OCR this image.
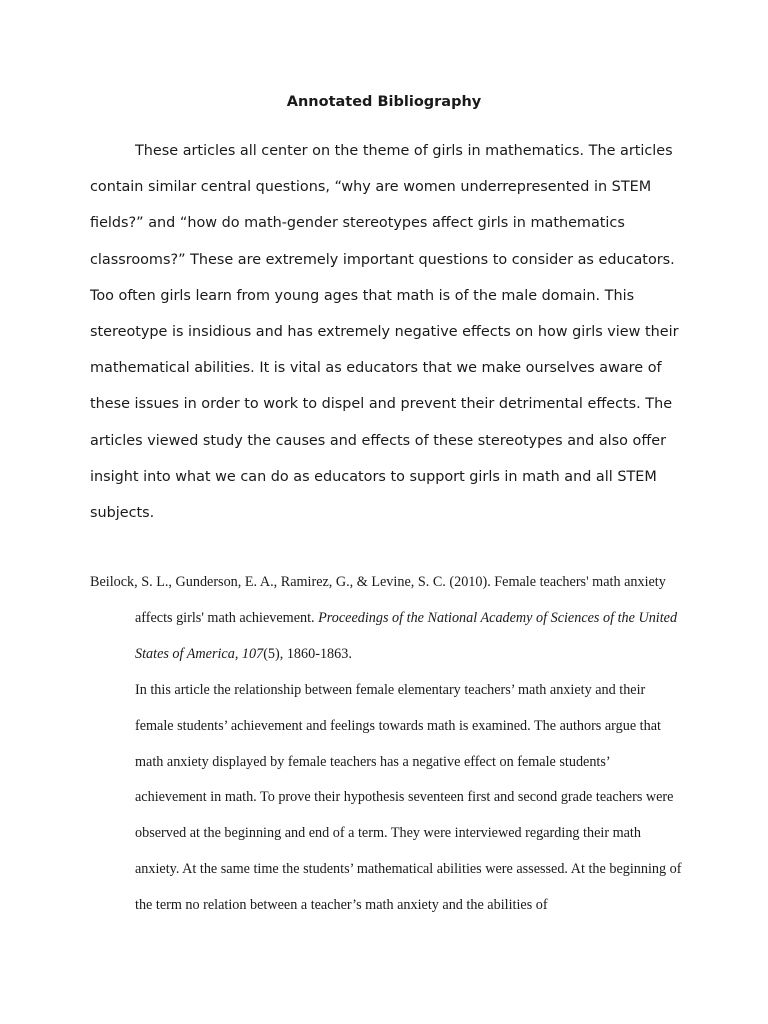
Annotated Bibliography

These articles all center on the theme of girls in mathematics. The articles contain similar central questions, “why are women underrepresented in STEM fields?” and “how do math-gender stereotypes affect girls in mathematics classrooms?” These are extremely important questions to consider as educators. Too often girls learn from young ages that math is of the male domain. This stereotype is insidious and has extremely negative effects on how girls view their mathematical abilities. It is vital as educators that we make ourselves aware of these issues in order to work to dispel and prevent their detrimental effects. The articles viewed study the causes and effects of these stereotypes and also offer insight into what we can do as educators to support girls in math and all STEM subjects.

Beilock, S. L., Gunderson, E. A., Ramirez, G., & Levine, S. C. (2010). Female teachers' math anxiety affects girls' math achievement. Proceedings of the National Academy of Sciences of the United States of America, 107(5), 1860-1863.

In this article the relationship between female elementary teachers’ math anxiety and their female students’ achievement and feelings towards math is examined. The authors argue that math anxiety displayed by female teachers has a negative effect on female students’ achievement in math. To prove their hypothesis seventeen first and second grade teachers were observed at the beginning and end of a term. They were interviewed regarding their math anxiety. At the same time the students’ mathematical abilities were assessed. At the beginning of the term no relation between a teacher’s math anxiety and the abilities of
